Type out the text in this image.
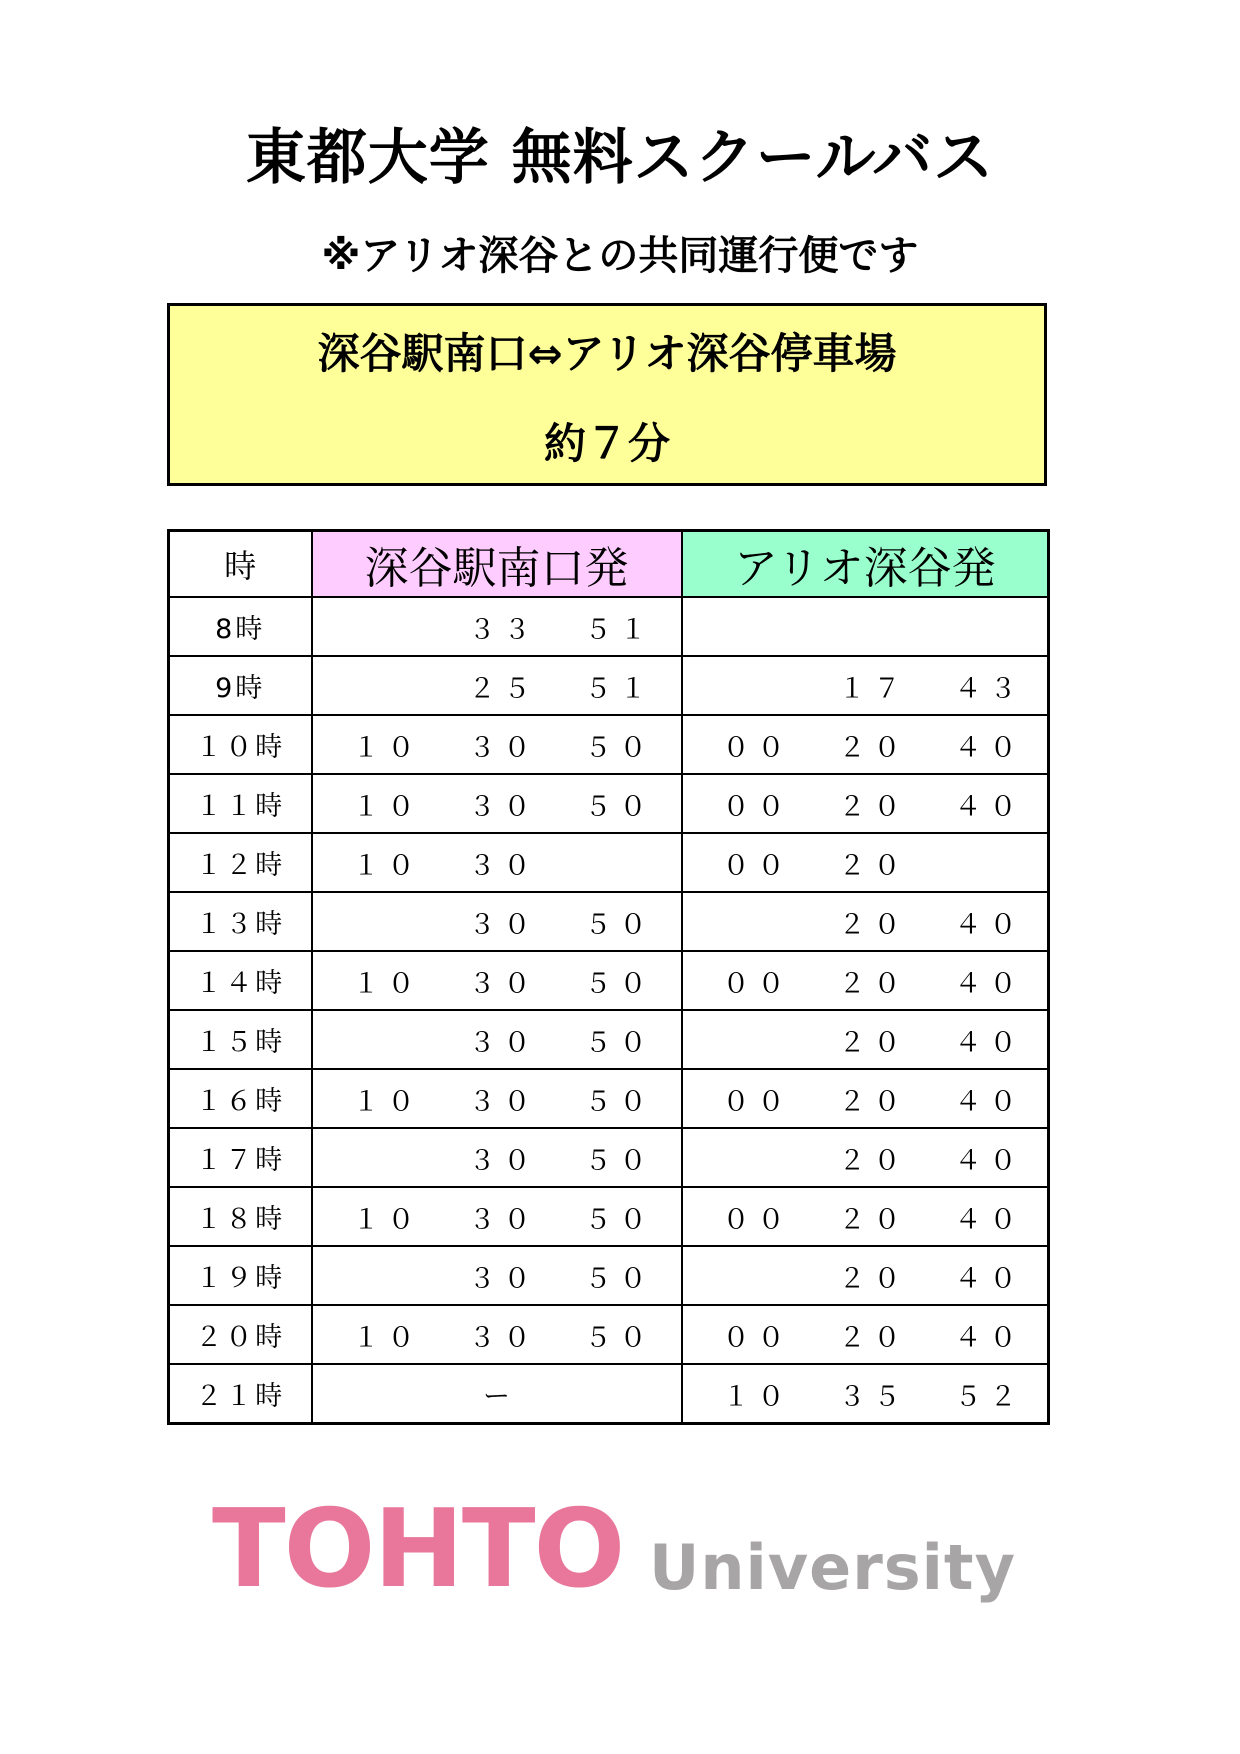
東都大学 無料スクールバス
※アリオ深谷との共同運行便です
深谷駅南口⇔アリオ深谷停車場
約７分
時	深谷駅南口発	アリオ深谷発
8時	３３ ５１	

9時	２５ ５１	１７ ４３

１０時	１０ ３０ ５０	００ ２０ ４０

１１時	１０ ３０ ５０	００ ２０ ４０

１２時	１０ ３０	００ ２０

１３時	３０ ５０	２０ ４０

１４時	１０ ３０ ５０	００ ２０ ４０

１５時	３０ ５０	２０ ４０

１６時	１０ ３０ ５０	００ ２０ ４０

１７時	３０ ５０	２０ ４０

１８時	１０ ３０ ５０	００ ２０ ４０

１９時	３０ ５０	２０ ４０

２０時	１０ ３０ ５０	００ ２０ ４０

２１時	ー	１０ ３５ ５２
TOHTO University
